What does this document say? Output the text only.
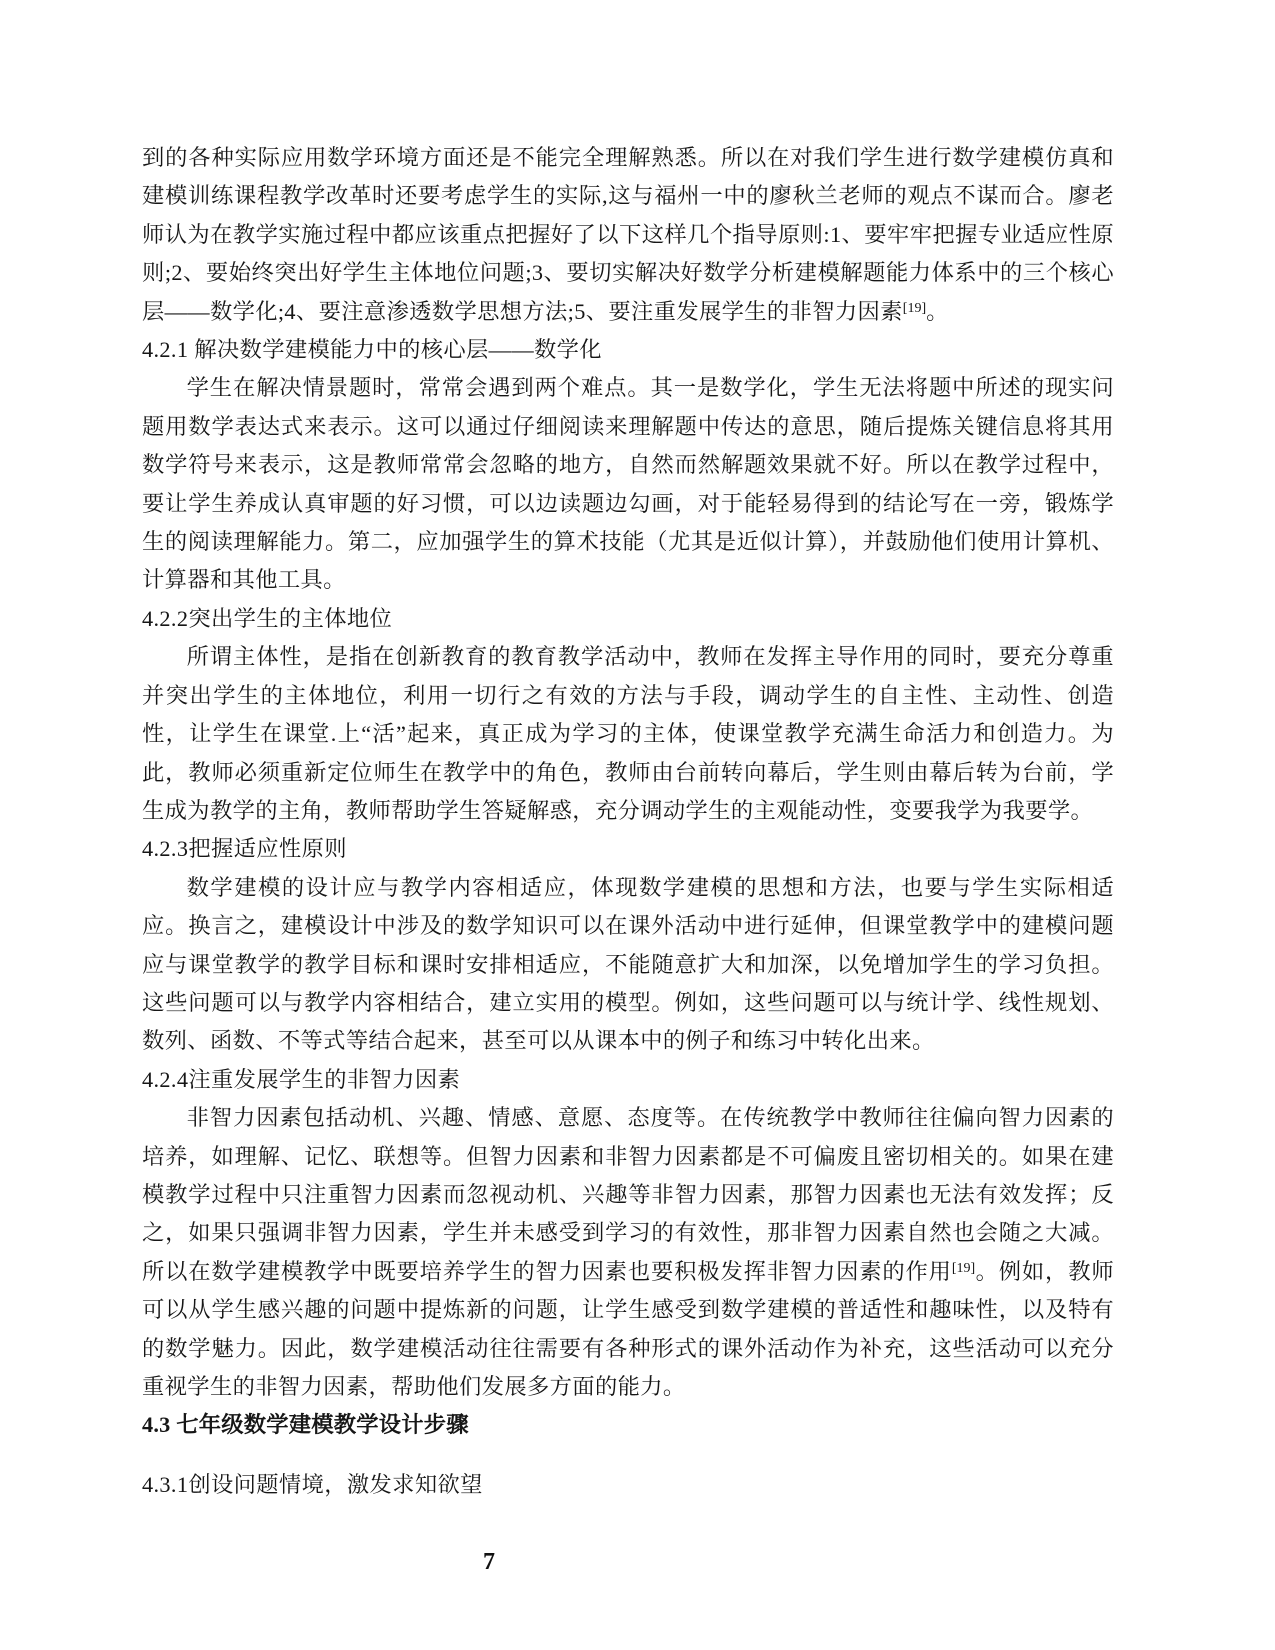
到的各种实际应用数学环境方面还是不能完全理解熟悉。所以在对我们学生进行数学建模仿真和建模训练课程教学改革时还要考虑学生的实际,这与福州一中的廖秋兰老师的观点不谋而合。廖老师认为在教学实施过程中都应该重点把握好了以下这样几个指导原则:1、要牢牢把握专业适应性原则;2、要始终突出好学生主体地位问题;3、要切实解决好数学分析建模解题能力体系中的三个核心层——数学化;4、要注意渗透数学思想方法;5、要注重发展学生的非智力因素[19]。

4.2.1 解决数学建模能力中的核心层——数学化

学生在解决情景题时，常常会遇到两个难点。其一是数学化，学生无法将题中所述的现实问题用数学表达式来表示。这可以通过仔细阅读来理解题中传达的意思，随后提炼关键信息将其用数学符号来表示，这是教师常常会忽略的地方，自然而然解题效果就不好。所以在教学过程中，要让学生养成认真审题的好习惯，可以边读题边勾画，对于能轻易得到的结论写在一旁，锻炼学生的阅读理解能力。第二，应加强学生的算术技能（尤其是近似计算），并鼓励他们使用计算机、计算器和其他工具。

4.2.2突出学生的主体地位

所谓主体性，是指在创新教育的教育教学活动中，教师在发挥主导作用的同时，要充分尊重并突出学生的主体地位，利用一切行之有效的方法与手段，调动学生的自主性、主动性、创造性，让学生在课堂.上“活”起来，真正成为学习的主体，使课堂教学充满生命活力和创造力。为此，教师必须重新定位师生在教学中的角色，教师由台前转向幕后，学生则由幕后转为台前，学生成为教学的主角，教师帮助学生答疑解惑，充分调动学生的主观能动性，变要我学为我要学。

4.2.3把握适应性原则

数学建模的设计应与教学内容相适应，体现数学建模的思想和方法，也要与学生实际相适应。换言之，建模设计中涉及的数学知识可以在课外活动中进行延伸，但课堂教学中的建模问题应与课堂教学的教学目标和课时安排相适应，不能随意扩大和加深，以免增加学生的学习负担。这些问题可以与教学内容相结合，建立实用的模型。例如，这些问题可以与统计学、线性规划、数列、函数、不等式等结合起来，甚至可以从课本中的例子和练习中转化出来。

4.2.4注重发展学生的非智力因素

非智力因素包括动机、兴趣、情感、意愿、态度等。在传统教学中教师往往偏向智力因素的培养，如理解、记忆、联想等。但智力因素和非智力因素都是不可偏废且密切相关的。如果在建模教学过程中只注重智力因素而忽视动机、兴趣等非智力因素，那智力因素也无法有效发挥；反之，如果只强调非智力因素，学生并未感受到学习的有效性，那非智力因素自然也会随之大减。所以在数学建模教学中既要培养学生的智力因素也要积极发挥非智力因素的作用[19]。例如，教师可以从学生感兴趣的问题中提炼新的问题，让学生感受到数学建模的普适性和趣味性，以及特有的数学魅力。因此，数学建模活动往往需要有各种形式的课外活动作为补充，这些活动可以充分重视学生的非智力因素，帮助他们发展多方面的能力。

4.3 七年级数学建模教学设计步骤
4.3.1创设问题情境，激发求知欲望
7
